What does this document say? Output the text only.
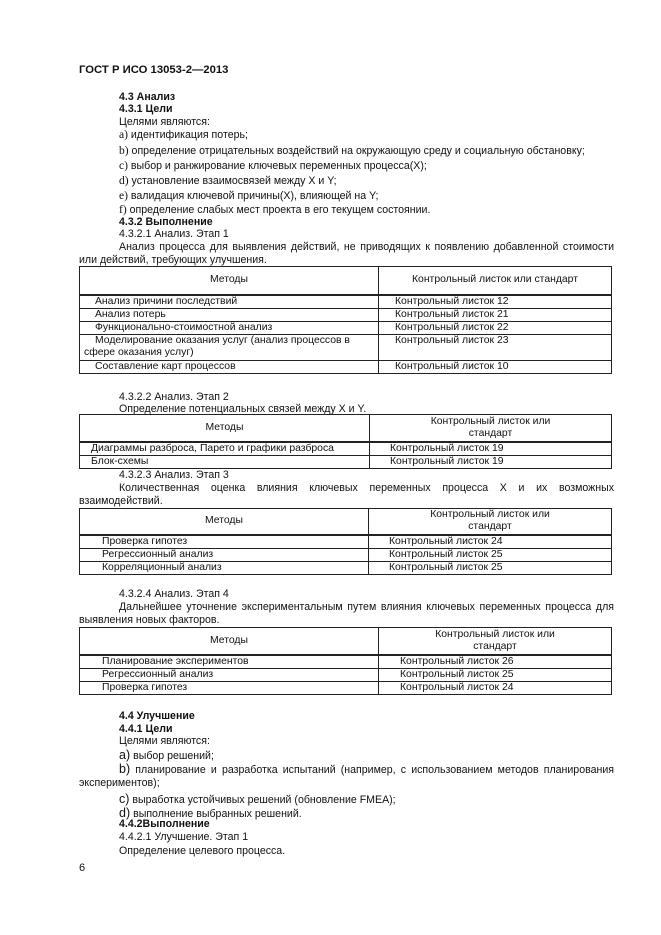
ГОСТ Р ИСО 13053-2—2013
4.3 Анализ
4.3.1 Цели
Целями являются:
a) идентификация потерь;
b) определение отрицательных воздействий на окружающую среду и социальную обстановку;
c) выбор и ранжирование ключевых переменных процесса(X);
d) установление взаимосвязей между X и Y;
e) валидация ключевой причины(X), влияющей на Y;
f) определение слабых мест проекта в его текущем состоянии.
4.3.2 Выполнение
4.3.2.1 Анализ. Этап 1
Анализ процесса для выявления действий, не приводящих к появлению добавленной стоимости или действий, требующих улучшения.
Методы	Контрольный листок или стандарт
Анализ причини последствий	Контрольный листок 12
Анализ потерь	Контрольный листок 21
Функционально-стоимостной анализ	Контрольный листок 22
Моделирование оказания услуг (анализ процессов в сфере оказания услуг)	Контрольный листок 23
Составление карт процессов	Контрольный листок 10
4.3.2.2 Анализ. Этап 2
Определение потенциальных связей между X и Y.
Методы	Контрольный листок или стандарт
Диаграммы разброса, Парето и графики разброса	Контрольный листок 19
Блок-схемы	Контрольный листок 19
4.3.2.3 Анализ. Этап 3
Количественная оценка влияния ключевых переменных процесса X и их возможных взаимодействий.
Методы	Контрольный листок или стандарт
Проверка гипотез	Контрольный листок 24
Регрессионный анализ	Контрольный листок 25
Корреляционный анализ	Контрольный листок 25
4.3.2.4 Анализ. Этап 4
Дальнейшее уточнение экспериментальным путем влияния ключевых переменных процесса для выявления новых факторов.
Методы	Контрольный листок или стандарт
Планирование экспериментов	Контрольный листок 26
Регрессионный анализ	Контрольный листок 25
Проверка гипотез	Контрольный листок 24
4.4 Улучшение
4.4.1 Цели
Целями являются:
a) выбор решений;
b) планирование и разработка испытаний (например, с использованием методов планирования экспериментов);
c) выработка устойчивых решений (обновление FMEA);
d) выполнение выбранных решений.
4.4.2Выполнение
4.4.2.1 Улучшение. Этап 1
Определение целевого процесса.
6
